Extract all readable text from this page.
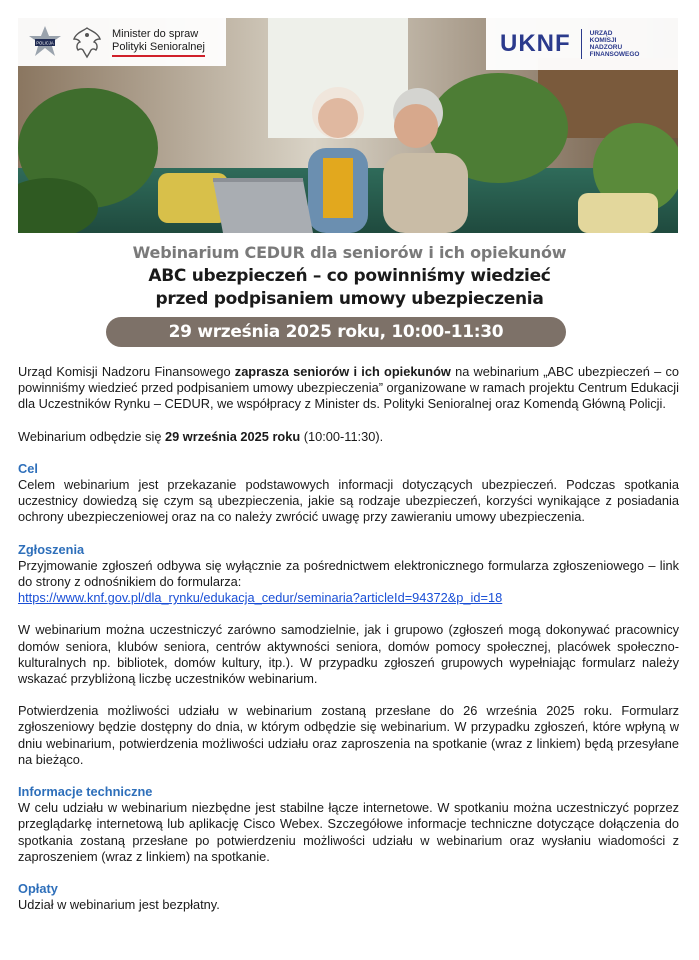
POLICJA
Minister do spraw
Polityki Senioralnej	UKNF	URZĄD
KOMISJI
NADZORU
FINANSOWEGO
Webinarium CEDUR dla seniorów i ich opiekunów
ABC ubezpieczeń – co powinniśmy wiedzieć
przed podpisaniem umowy ubezpieczenia
29 września 2025 roku, 10:00-11:30

Urząd Komisji Nadzoru Finansowego zaprasza seniorów i ich opiekunów na webinarium „ABC ubezpieczeń – co powinniśmy wiedzieć przed podpisaniem umowy ubezpieczenia” organizowane w ramach projektu Centrum Edukacji dla Uczestników Rynku – CEDUR, we współpracy z Minister ds. Polityki Senioralnej oraz Komendą Główną Policji.

Webinarium odbędzie się 29 września 2025 roku (10:00-11:30).

Cel

Celem webinarium jest przekazanie podstawowych informacji dotyczących ubezpieczeń. Podczas spotkania uczestnicy dowiedzą się czym są ubezpieczenia, jakie są rodzaje ubezpieczeń, korzyści wynikające z posiadania ochrony ubezpieczeniowej oraz na co należy zwrócić uwagę przy zawieraniu umowy ubezpieczenia.

Zgłoszenia

Przyjmowanie zgłoszeń odbywa się wyłącznie za pośrednictwem elektronicznego formularza zgłoszeniowego – link do strony z odnośnikiem do formularza:

https://www.knf.gov.pl/dla_rynku/edukacja_cedur/seminaria?articleId=94372&p_id=18

W webinarium można uczestniczyć zarówno samodzielnie, jak i grupowo (zgłoszeń mogą dokonywać pracownicy domów seniora, klubów seniora, centrów aktywności seniora, domów pomocy społecznej, placówek społeczno-kulturalnych np. bibliotek, domów kultury, itp.). W przypadku zgłoszeń grupowych wypełniając formularz należy wskazać przybliżoną liczbę uczestników webinarium.

Potwierdzenia możliwości udziału w webinarium zostaną przesłane do 26 września 2025 roku. Formularz zgłoszeniowy będzie dostępny do dnia, w którym odbędzie się webinarium. W przypadku zgłoszeń, które wpłyną w dniu webinarium, potwierdzenia możliwości udziału oraz zaproszenia na spotkanie (wraz z linkiem) będą przesyłane na bieżąco.

Informacje techniczne

W celu udziału w webinarium niezbędne jest stabilne łącze internetowe. W spotkaniu można uczestniczyć poprzez przeglądarkę internetową lub aplikację Cisco Webex. Szczegółowe informacje techniczne dotyczące dołączenia do spotkania zostaną przesłane po potwierdzeniu możliwości udziału w webinarium oraz wysłaniu wiadomości z zaproszeniem (wraz z linkiem) na spotkanie.

Opłaty

Udział w webinarium jest bezpłatny.
